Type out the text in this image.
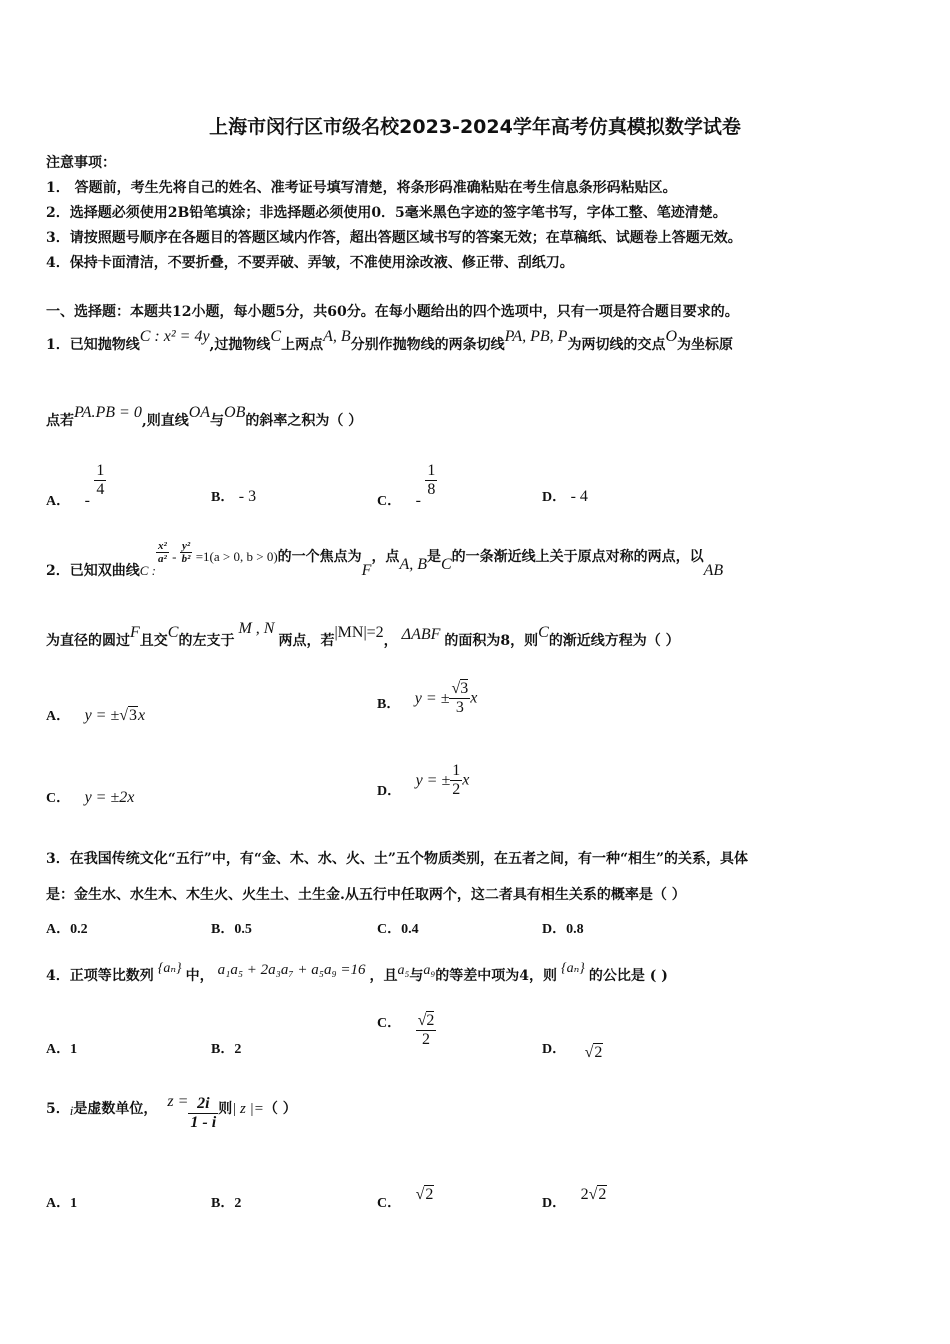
上海市闵行区市级名校2023-2024学年高考仿真模拟数学试卷
注意事项：
1． 答题前，考生先将自己的姓名、准考证号填写清楚，将条形码准确粘贴在考生信息条形码粘贴区。
2．选择题必须使用2B铅笔填涂；非选择题必须使用0．5毫米黑色字迹的签字笔书写，字体工整、笔迹清楚。
3．请按照题号顺序在各题目的答题区域内作答，超出答题区域书写的答案无效；在草稿纸、试题卷上答题无效。
4．保持卡面清洁，不要折叠，不要弄破、弄皱，不准使用涂改液、修正带、刮纸刀。
一、选择题：本题共12小题，每小题5分，共60分。在每小题给出的四个选项中，只有一项是符合题目要求的。
1．已知抛物线C : x² = 4y,过抛物线C上两点A, B分别作抛物线的两条切线PA, PB, P为两切线的交点O为坐标原
点若PA.PB = 0,则直线OA与OB的斜率之积为（ ）
A． -
$\frac{1}{4}$	B． - 3	C． -
$\frac{1}{8}$	D． - 4
2．已知双曲线C :
$\frac{\text{x²}}{\text{a²}} - \frac{\text{y²}}{\text{b²}} =1(a > 0$, b > 0)的一个焦点为F，点A, B是C的一条渐近线上关于原点对称的两点，以AB
为直径的圆过F且交C的左支于M , N两点，若|MN|=2， ΔABF 的面积为8，则C的渐近线方程为（ ）
A． y = ±√3x
B． y = ± $\frac{√3}{3}$ x
C． y = ±2x	D． y = ± $\frac{1}{2}$ x
3．在我国传统文化“五行”中，有“金、木、水、火、土”五个物质类别，在五者之间，有一种“相生”的关系，具体
是：金生水、水生木、木生火、火生土、土生金.从五行中任取两个，这二者具有相生关系的概率是（ ）
A．0.2	B．0.5	C．0.4	D．0.8
4．正项等比数列 {aₙ} 中， a₁a₅ + 2a₃a₇ + a₅a₉ =16 ，且a₅与a₉的等差中项为4，则 {aₙ} 的公比是 ( )
A．1	B．2
C． $\frac{√2}{2}$
D． √2
5．i是虚数单位， $z = \frac{2i}{1 - i}$ 则| z |=（ ）
A．1	B．2	C． √2
D． 2√2
